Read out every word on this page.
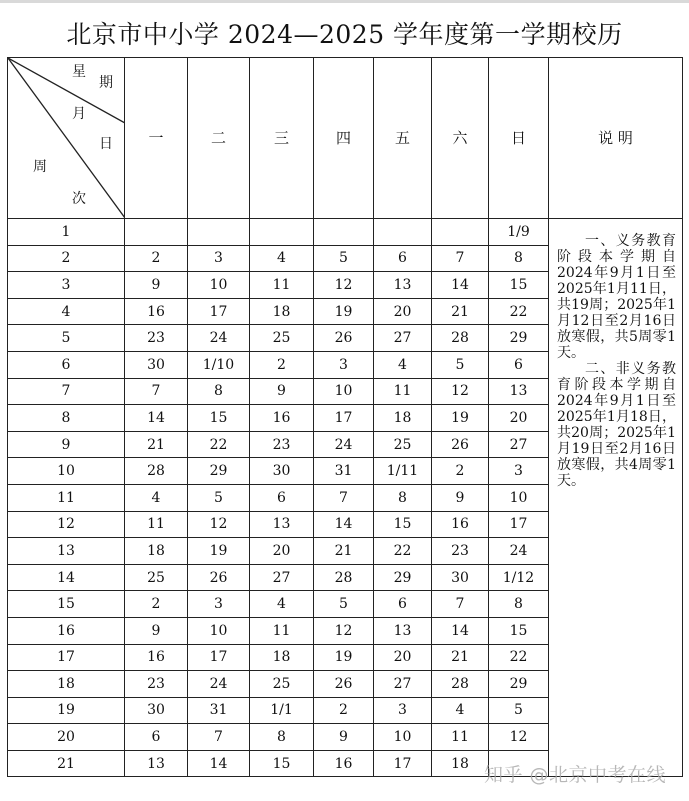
北京市中小学 2024—2025 学年度第一学期校历
星
期
月
日
周
次
	一	二	三	四	五	六	日	说 明
1							1/9	一、义务教育阶段本学期自2024年9月1日至2025年1月11日，共19周；2025年1月12日至2月16日放寒假，共5周零1天。

二、非义务教育阶段本学期自2024年9月1日至2025年1月18日，共20周；2025年1月19日至2月16日放寒假，共4周零1天。

2	2	3	4	5	6	7	8	
3	9	10	11	12	13	14	15	
4	16	17	18	19	20	21	22	
5	23	24	25	26	27	28	29	
6	30	1/10	2	3	4	5	6	
7	7	8	9	10	11	12	13	
8	14	15	16	17	18	19	20	
9	21	22	23	24	25	26	27	
10	28	29	30	31	1/11	2	3	
11	4	5	6	7	8	9	10	
12	11	12	13	14	15	16	17	
13	18	19	20	21	22	23	24	
14	25	26	27	28	29	30	1/12	
15	2	3	4	5	6	7	8	
16	9	10	11	12	13	14	15	
17	16	17	18	19	20	21	22	
18	23	24	25	26	27	28	29	
19	30	31	1/1	2	3	4	5	
20	6	7	8	9	10	11	12	
21	13	14	15	16	17	18		
知乎 @北京中考在线
